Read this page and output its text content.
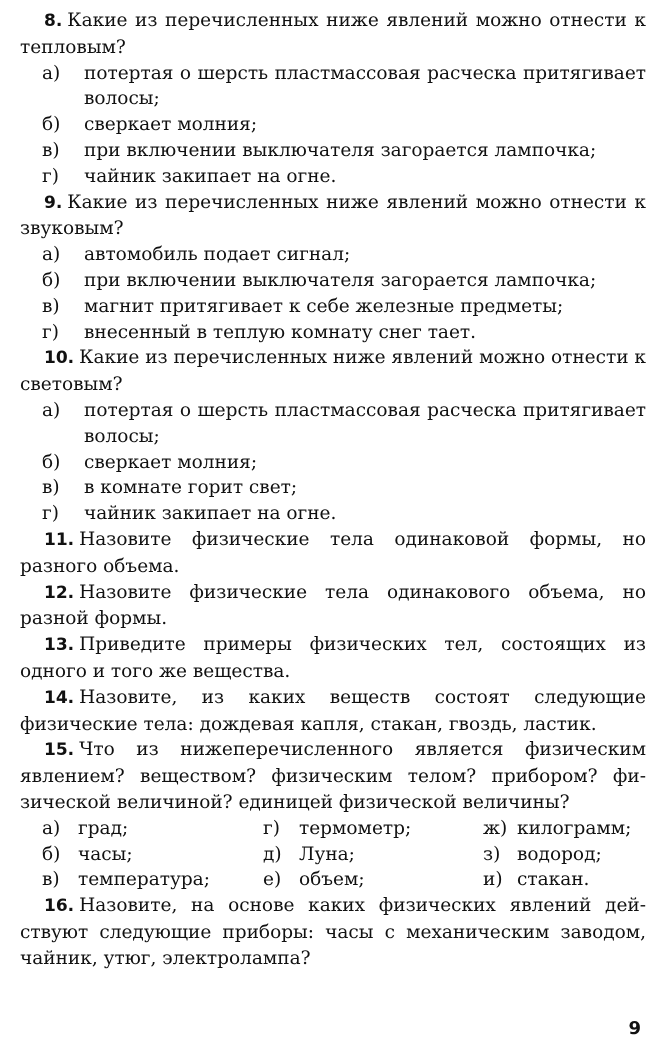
8. Какие из перечисленных ниже явлений можно отнести к тепловым?
а)	потертая о шерсть пластмассовая расческа притягивает волосы;
б)	сверкает молния;
в)	при включении выключателя загорается лампочка;
г)	чайник закипает на огне.
9. Какие из перечисленных ниже явлений можно отнести к звуковым?
а)	автомобиль подает сигнал;
б)	при включении выключателя загорается лампочка;
в)	магнит притягивает к себе железные предметы;
г)	внесенный в теплую комнату снег тает.
10. Какие из перечисленных ниже явлений можно отнести к световым?
а)	потертая о шерсть пластмассовая расческа притягивает волосы;
б)	сверкает молния;
в)	в комнате горит свет;
г)	чайник закипает на огне.
11. Назовите физические тела одинаковой формы, но разного объема.
12. Назовите физические тела одинакового объема, но разной формы.
13. Приведите примеры физических тел, состоящих из одного и того же вещества.
14. Назовите, из каких веществ состоят следующие физические тела: дождевая капля, стакан, гвоздь, ластик.
15. Что из нижеперечисленного является физическим явлением? веществом? физическим телом? прибором? физической величиной? единицей физической величины?
а) град;	г)	термометр;	ж) килограмм;
б) часы;	д) Луна;	з) водород;
в) температура;	е) объем;	и) стакан.
16. Назовите, на основе каких физических явлений действуют следующие приборы: часы с механическим заводом, чайник, утюг, электролампа?
9
